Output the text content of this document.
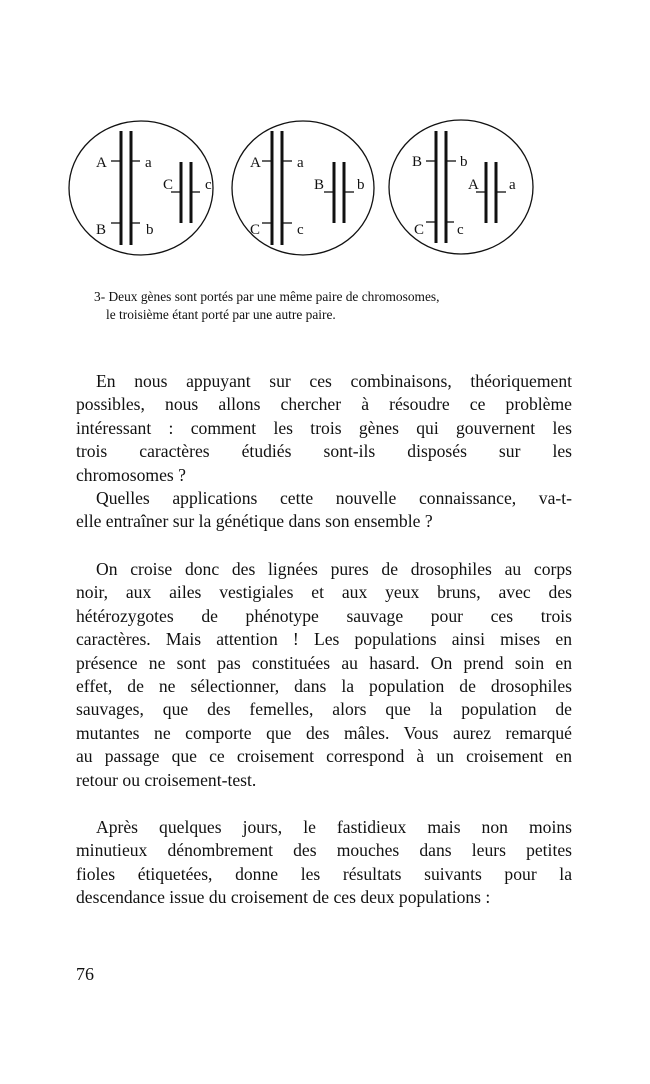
A	a
B	b
C c
A a
C c
B b
B	b
C c
A a
3- Deux gènes sont portés par une même paire de chromosomes,
le troisième étant porté par une autre paire.
En nous appuyant sur ces combinaisons, théoriquement
possibles, nous allons chercher à résoudre ce problème
intéressant : comment les trois gènes qui gouvernent les
trois caractères étudiés sont-ils disposés sur les
chromosomes ?
Quelles applications cette nouvelle connaissance, va-t-
elle entraîner sur la génétique dans son ensemble ?
On croise donc des lignées pures de drosophiles au corps
noir, aux ailes vestigiales et aux yeux bruns, avec des
hétérozygotes de phénotype sauvage pour ces trois
caractères. Mais attention ! Les populations ainsi mises en
présence ne sont pas constituées au hasard. On prend soin en
effet, de ne sélectionner, dans la population de drosophiles
sauvages, que des femelles, alors que la population de
mutantes ne comporte que des mâles. Vous aurez remarqué
au passage que ce croisement correspond à un croisement en
retour ou croisement-test.
Après quelques jours, le fastidieux mais non moins
minutieux dénombrement des mouches dans leurs petites
fioles étiquetées, donne les résultats suivants pour la
descendance issue du croisement de ces deux populations :
76
